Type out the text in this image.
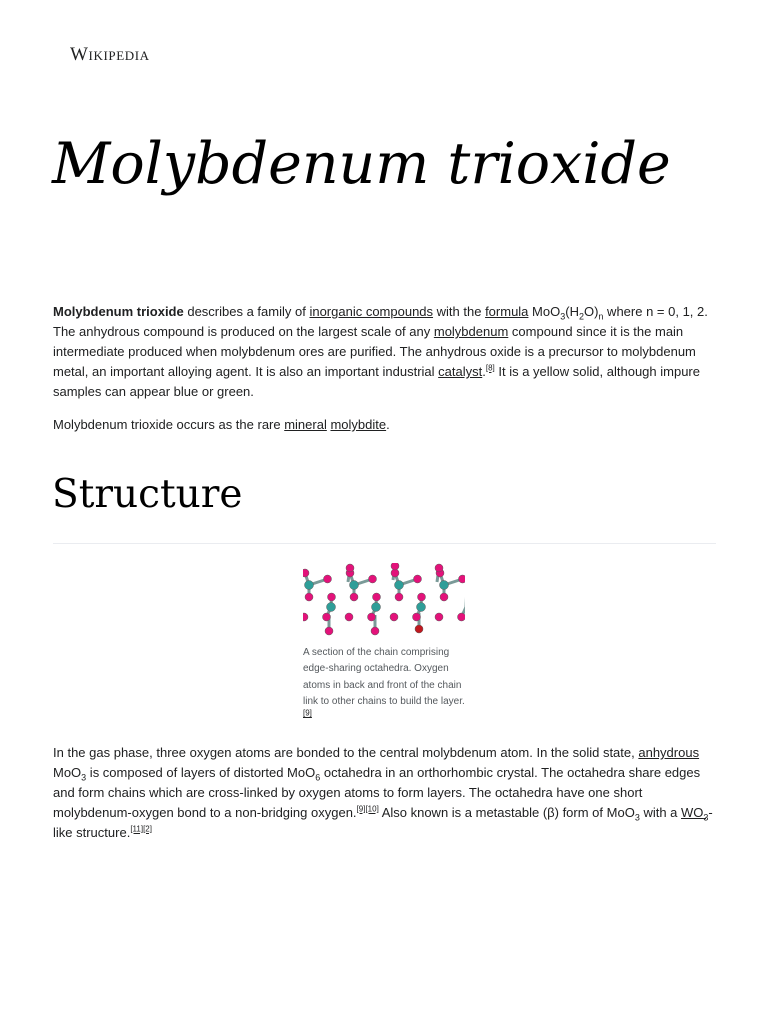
Wikipedia
Molybdenum trioxide

Molybdenum trioxide describes a family of inorganic compounds with the formula $MoO_3(H_2O)_n$ where n = 0, 1, 2. The anhydrous compound is produced on the largest scale of any molybdenum compound since it is the main intermediate produced when molybdenum ores are purified. The anhydrous oxide is a precursor to molybdenum metal, an important alloying agent. It is also an important industrial catalyst.[8] It is a yellow solid, although impure samples can appear blue or green.

Molybdenum trioxide occurs as the rare mineral molybdite.

Structure
A section of the chain comprising edge-sharing octahedra. Oxygen atoms in back and front of the chain link to other chains to build the layer.[9]

In the gas phase, three oxygen atoms are bonded to the central molybdenum atom. In the solid state, anhydrous MoO$_3$ is composed of layers of distorted MoO$_6$ octahedra in an orthorhombic crystal. The octahedra share edges and form chains which are cross-linked by oxygen atoms to form layers. The octahedra have one short molybdenum-oxygen bond to a non-bridging oxygen.[9][10] Also known is a metastable (β) form of MoO$_3$ with a $WO_3$-like structure.[11][2]
